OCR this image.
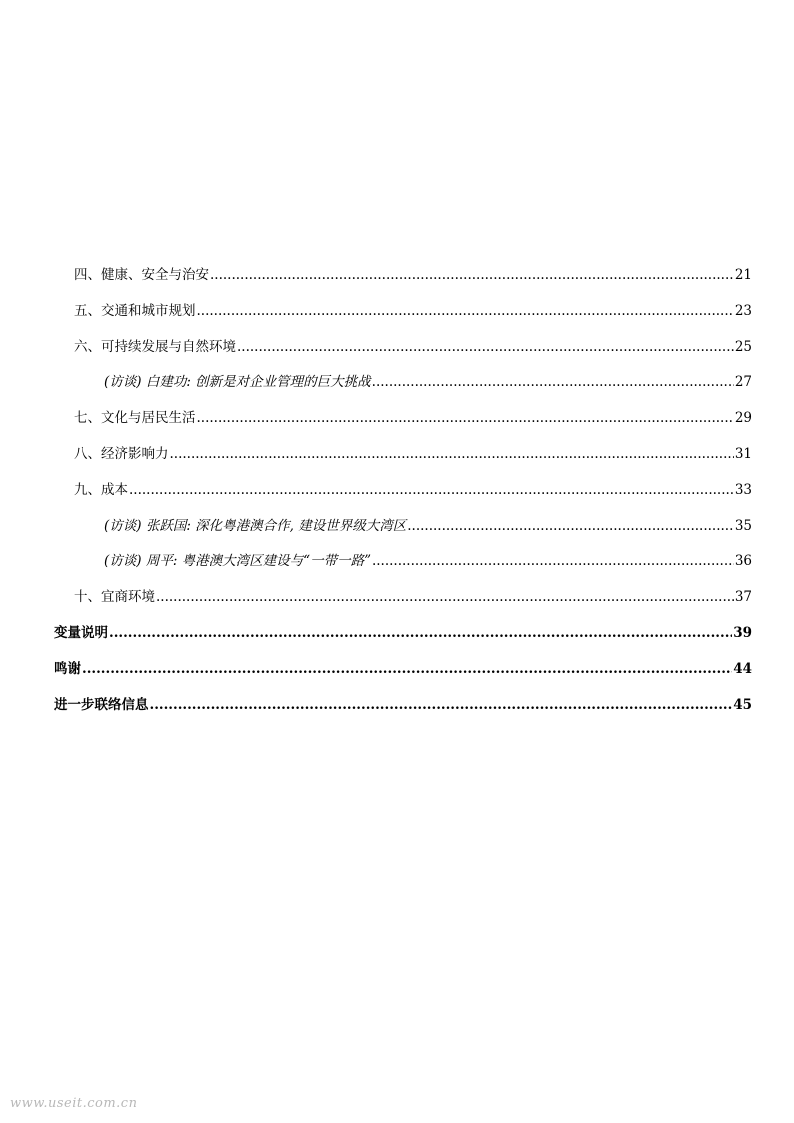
四、健康、安全与治安 .....	21
五、交通和城市规划 .....	23
六、可持续发展与自然环境 .....	25
(访谈) 白建功: 创新是对企业管理的巨大挑战 .....	27
七、文化与居民生活 .....	29
八、经济影响力 .....	31
九、成本 .....	33
(访谈) 张跃国: 深化粤港澳合作, 建设世界级大湾区 .....	35
(访谈) 周平: 粤港澳大湾区建设与“一带一路” .....	36
十、宜商环境 .....	37
变量说明 .....	39
鸣谢 .....	44
进一步联络信息 .....	45
www.useit.com.cn
